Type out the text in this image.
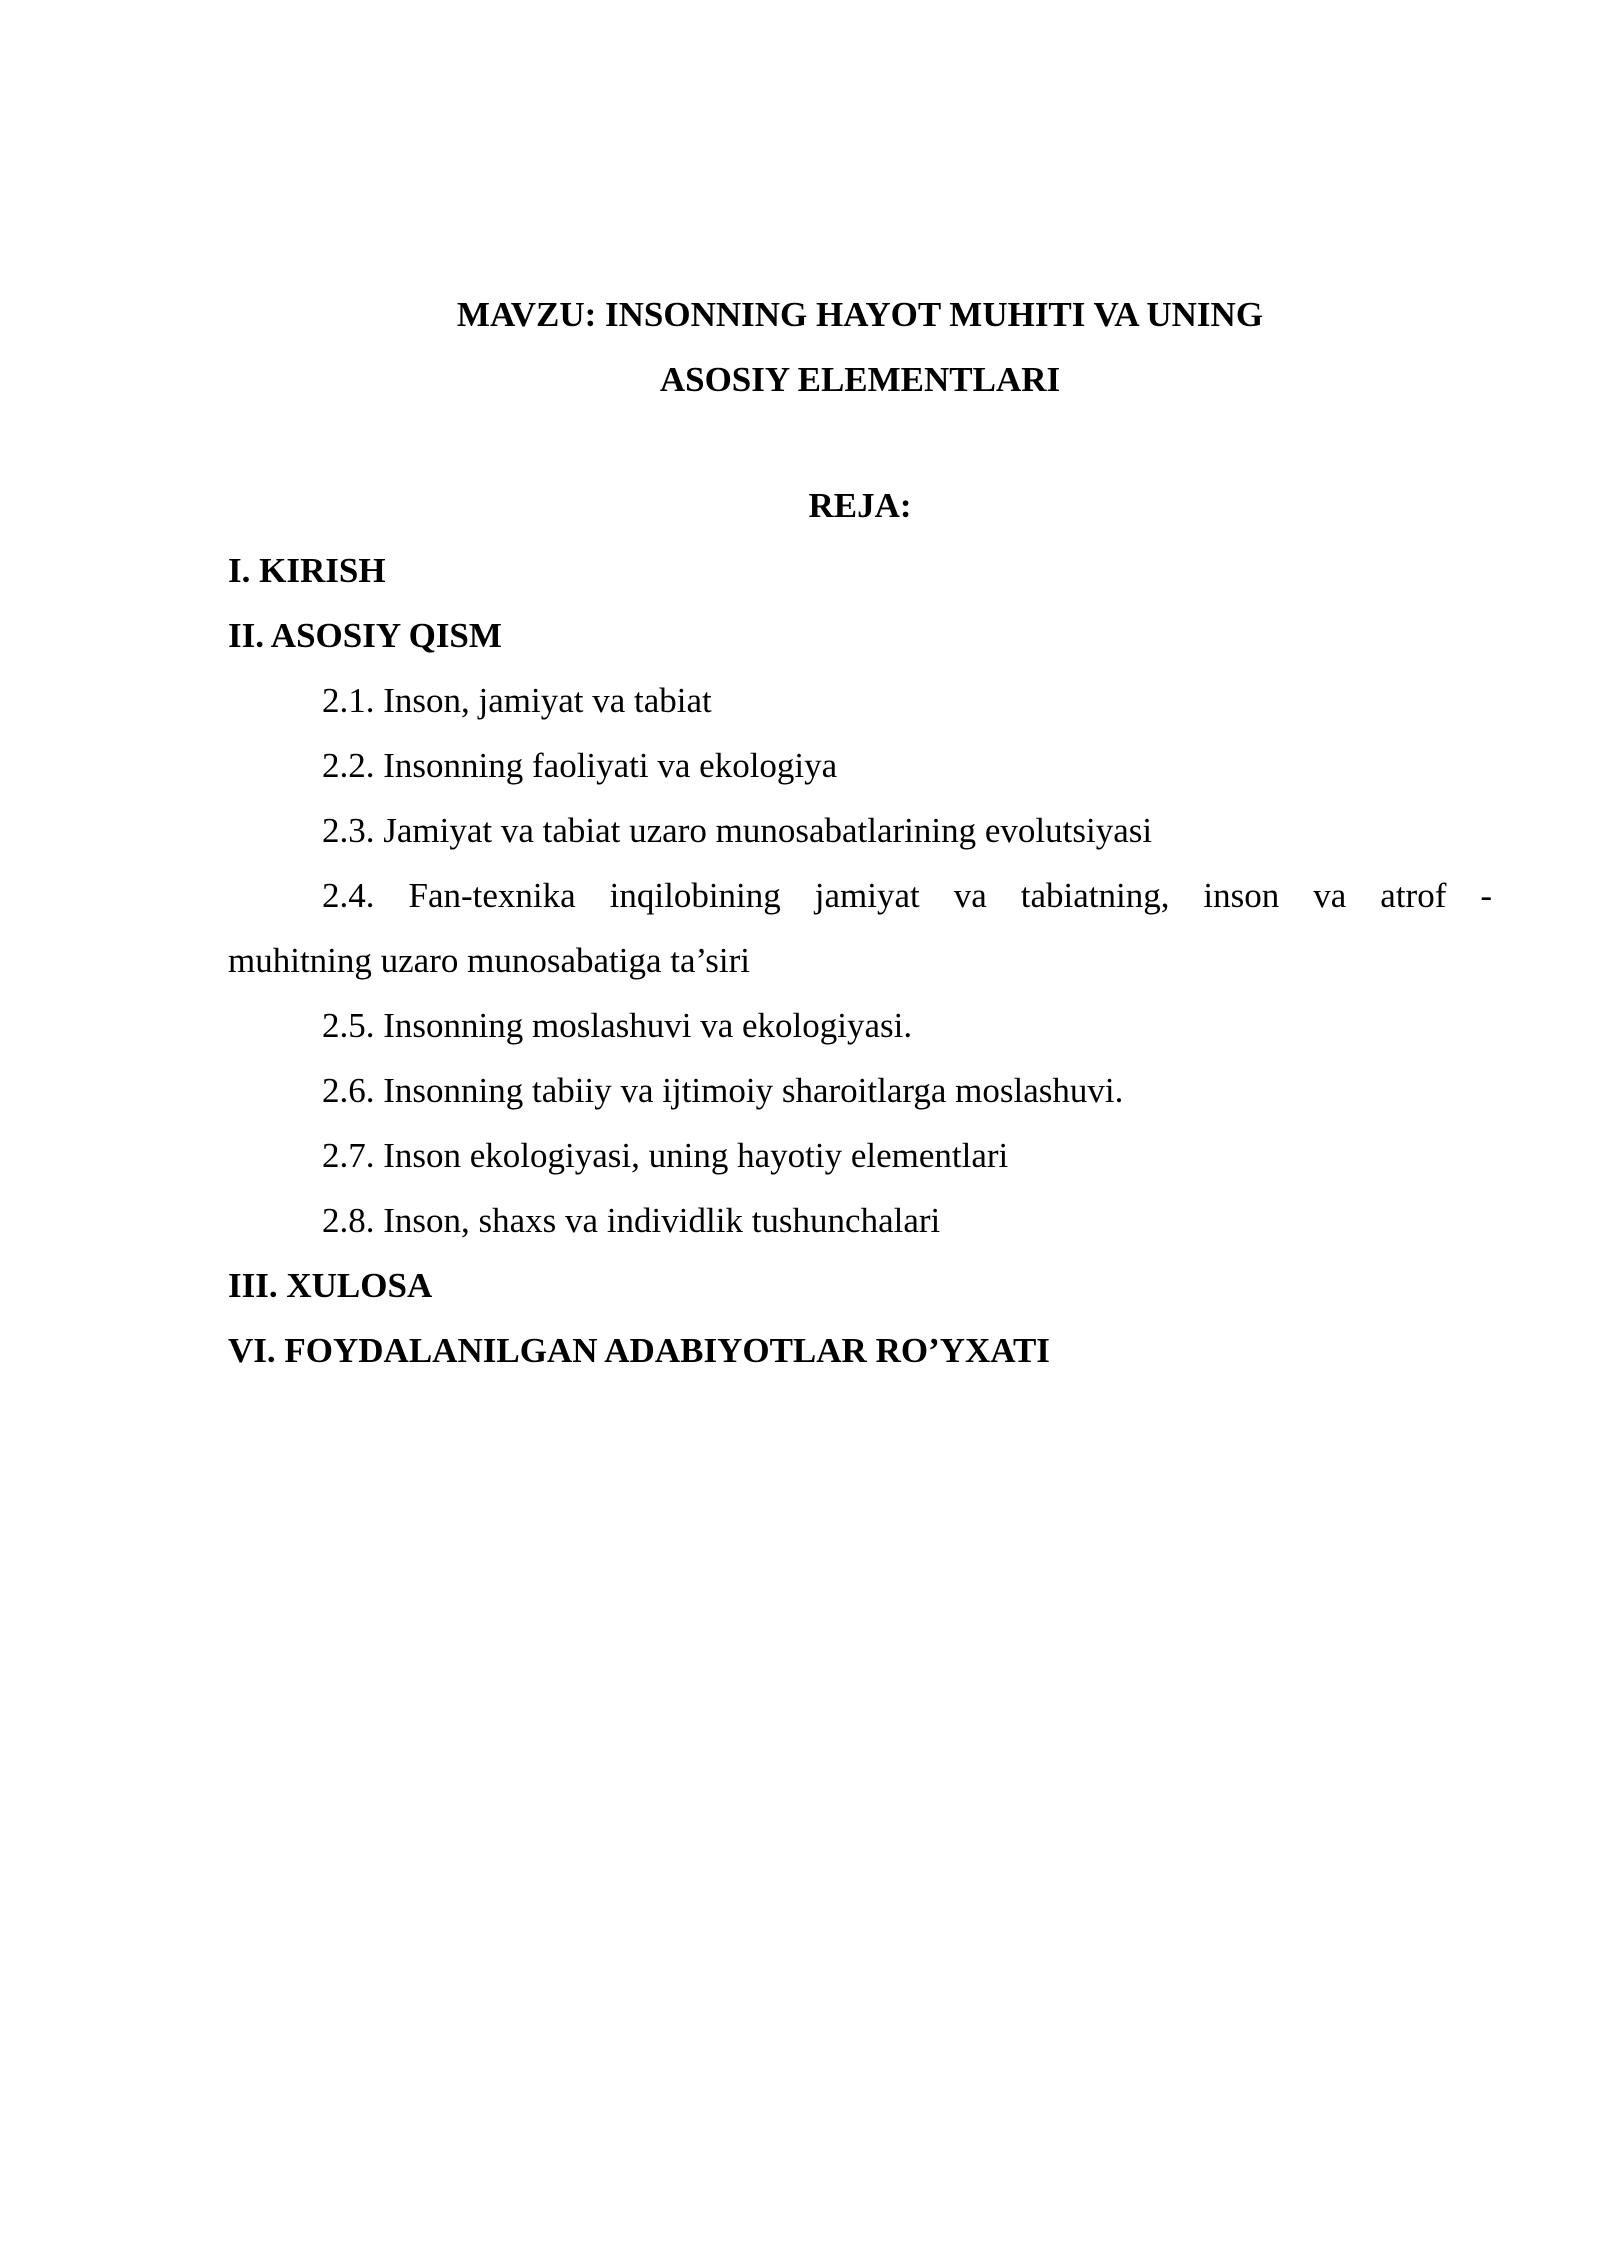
MAVZU: INSONNING HAYOT MUHITI VA UNING
ASOSIY ELEMENTLARI
REJA:
I. KIRISH
II. ASOSIY QISM
2.1. Inson, jamiyat va tabiat
2.2. Insonning faoliyati va ekologiya
2.3. Jamiyat va tabiat uzaro munosabatlarining evolutsiyasi
2.4. Fan-texnika inqilobining jamiyat va tabiatning, inson va atrof -
muhitning uzaro munosabatiga ta’siri
2.5. Insonning moslashuvi va ekologiyasi.
2.6. Insonning tabiiy va ijtimoiy sharoitlarga moslashuvi.
2.7. Inson ekologiyasi, uning hayotiy elementlari
2.8. Inson, shaxs va individlik tushunchalari
III. XULOSA
VI. FOYDALANILGAN ADABIYOTLAR RO’YXATI
